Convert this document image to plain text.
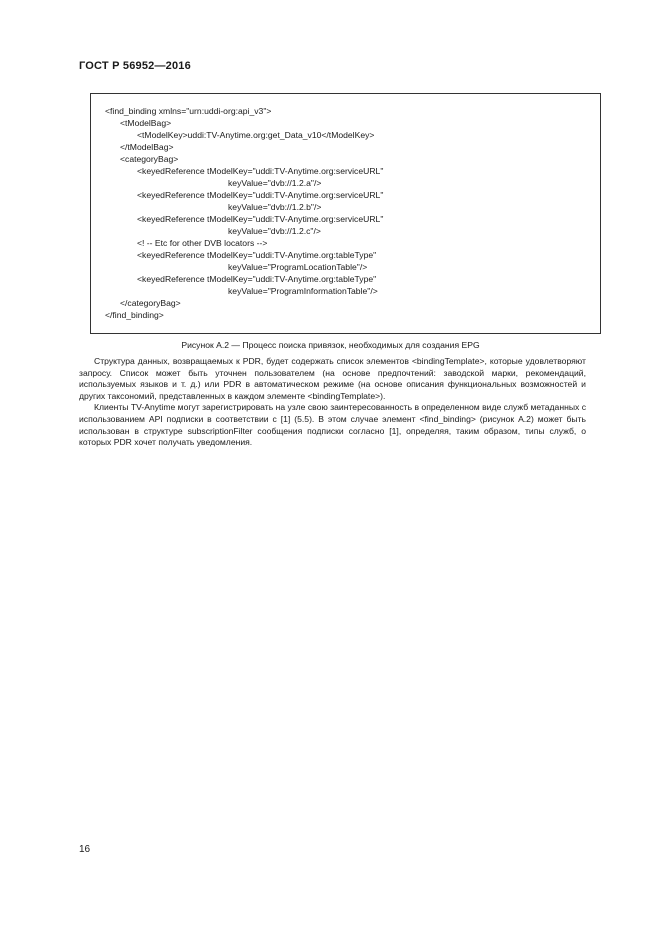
ГОСТ Р 56952—2016
<find_binding xmlns="urn:uddi-org:api_v3">
<tModelBag>
<tModelKey>uddi:TV-Anytime.org:get_Data_v10</tModelKey>
</tModelBag>
<categoryBag>
<keyedReference tModelKey="uddi:TV-Anytime.org:serviceURL"
keyValue="dvb://1.2.a"/>
<keyedReference tModelKey="uddi:TV-Anytime.org:serviceURL"
keyValue="dvb://1.2.b"/>
<keyedReference tModelKey="uddi:TV-Anytime.org:serviceURL"
keyValue="dvb://1.2.c"/>
<! -- Etc for other DVB locators -->
<keyedReference tModelKey="uddi:TV-Anytime.org:tableType"
keyValue="ProgramLocationTable"/>
<keyedReference tModelKey="uddi:TV-Anytime.org:tableType"
keyValue="ProgramInformationTable"/>
</categoryBag>
</find_binding>
Рисунок А.2 — Процесс поиска привязок, необходимых для создания EPG

Структура данных, возвращаемых к PDR, будет содержать список элементов <bindingTemplate>, которые удовлетворяют запросу. Список может быть уточнен пользователем (на основе предпочтений: заводской марки, рекомендаций, используемых языков и т. д.) или PDR в автоматическом режиме (на основе описания функциональных возможностей и других таксономий, представленных в каждом элементе <bindingTemplate>).

Клиенты TV-Anytime могут зарегистрировать на узле свою заинтересованность в определенном виде служб метаданных с использованием API подписки в соответствии с [1] (5.5). В этом случае элемент <find_binding> (рисунок А.2) может быть использован в структуре subscriptionFilter сообщения подписки согласно [1], определяя, таким образом, типы служб, о которых PDR хочет получать уведомления.

16
